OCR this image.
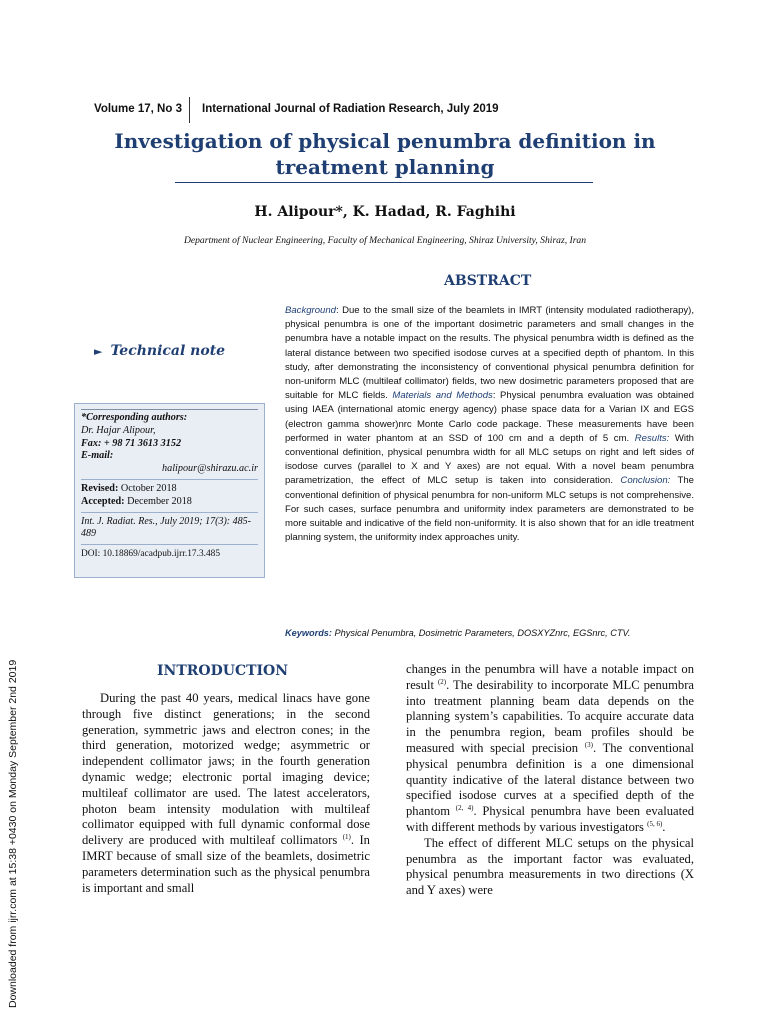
Downloaded from ijrr.com at 15:38 +0430 on Monday September 2nd 2019
Volume 17, No 3 International Journal of Radiation Research, July 2019
Investigation of physical penumbra definition in treatment planning
H. Alipour*, K. Hadad, R. Faghihi
Department of Nuclear Engineering, Faculty of Mechanical Engineering, Shiraz University, Shiraz, Iran
► Technical note
*Corresponding authors:
Dr. Hajar Alipour,
Fax: + 98 71 3613 3152
E-mail:
halipour@shirazu.ac.ir
Revised: October 2018
Accepted: December 2018
Int. J. Radiat. Res., July 2019; 17(3): 485-489
DOI: 10.18869/acadpub.ijrr.17.3.485
ABSTRACT
Background: Due to the small size of the beamlets in IMRT (intensity modulated radiotherapy), physical penumbra is one of the important dosimetric parameters and small changes in the penumbra have a notable impact on the results. The physical penumbra width is defined as the lateral distance between two specified isodose curves at a specified depth of phantom. In this study, after demonstrating the inconsistency of conventional physical penumbra definition for non-uniform MLC (multileaf collimator) fields, two new dosimetric parameters proposed that are suitable for MLC fields. Materials and Methods: Physical penumbra evaluation was obtained using IAEA (international atomic energy agency) phase space data for a Varian IX and EGS (electron gamma shower)nrc Monte Carlo code package. These measurements have been performed in water phantom at an SSD of 100 cm and a depth of 5 cm. Results: With conventional definition, physical penumbra width for all MLC setups on right and left sides of isodose curves (parallel to X and Y axes) are not equal. With a novel beam penumbra parametrization, the effect of MLC setup is taken into consideration. Conclusion: The conventional definition of physical penumbra for non-uniform MLC setups is not comprehensive. For such cases, surface penumbra and uniformity index parameters are demonstrated to be more suitable and indicative of the field non-uniformity. It is also shown that for an idle treatment planning system, the uniformity index approaches unity.
Keywords: Physical Penumbra, Dosimetric Parameters, DOSXYZnrc, EGSnrc, CTV.
INTRODUCTION

During the past 40 years, medical linacs have gone through five distinct generations; in the second generation, symmetric jaws and electron cones; in the third generation, motorized wedge; asymmetric or independent collimator jaws; in the fourth generation dynamic wedge; electronic portal imaging device; multileaf collimator are used. The latest accelerators, photon beam intensity modulation with multileaf collimator equipped with full dynamic conformal dose delivery are produced with multileaf collimators $^{(1)}$. In IMRT because of small size of the beamlets, dosimetric parameters determination such as the physical penumbra is important and small

changes in the penumbra will have a notable impact on result $^{(2)}$. The desirability to incorporate MLC penumbra into treatment planning beam data depends on the planning system’s capabilities. To acquire accurate data in the penumbra region, beam profiles should be measured with special precision $^{(3)}$. The conventional physical penumbra definition is a one dimensional quantity indicative of the lateral distance between two specified isodose curves at a specified depth of the phantom $^{(2, 4)}$. Physical penumbra have been evaluated with different methods by various investigators $^{(5, 6)}$.

The effect of different MLC setups on the physical penumbra as the important factor was evaluated, physical penumbra measurements in two directions (X and Y axes) were
